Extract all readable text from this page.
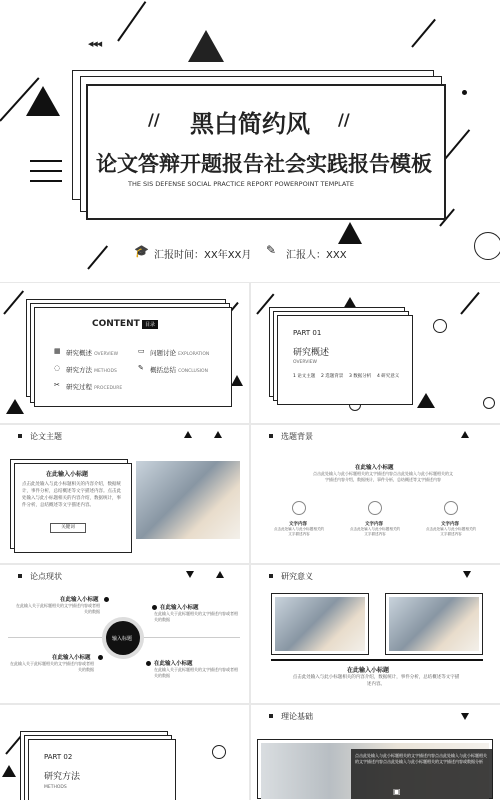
◀◀◀
// 黑白简约风 //
论文答辩开题报告社会实践报告模板
THE SIS DEFENSE SOCIAL PRACTICE REPORT POWERPOINT TEMPLATE
🎓 汇报时间：XX年XX月 ✎ 汇报人：XXX
CONTENT	目录
▦ 研究概述 OVERVIEW	▭ 问题讨论 EXPLORATION
◌ 研究方法 METHODS	✎ 概括总结 CONCLUSION
✂ 研究过程 PROCEDURE
PART 01
研究概述
OVERVIEW
1 论文主题 2 选题背景 3 数据分析 4 研究意义
论文主题
在此输入小标题
点击此处输入与此小标题相关的内容介绍，数据统计，事件分析，总结概述等文字描述内容。点击此处输入与此小标题相关的内容介绍，数据统计，事件分析，总结概述等文字描述内容。
关键词
选题背景
在此输入小标题
点击此处输入与此小标题相关的文字描述内容点击此处输入与此小标题相关的文字描述内容介绍，数据统计，事件分析，总结概述等文字描述内容
文字内容	文字内容	文字内容
点击此处输入与此小标题相关的文字描述内容
点击此处输入与此小标题相关的文字描述内容
点击此处输入与此小标题相关的文字描述内容
论点现状
输入标题
在此输入小标题
在此输入关于此标题相关的文字描述内容或者相关的数据
在此输入小标题
在此输入关于此标题相关的文字描述内容或者相关的数据
在此输入小标题
在此输入关于此标题相关的文字描述内容或者相关的数据
在此输入小标题
在此输入关于此标题相关的文字描述内容或者相关的数据
研究意义
在此输入小标题
点击此处输入与此小标题相关的内容介绍，数据统计，事件分析，总结概述等文字描述内容。
PART 02
研究方法
METHODS
理论基础
点击此处输入与此小标题相关的文字描述内容点击此处输入与此小标题相关的文字描述内容点击此处输入与此小标题相关的文字描述内容或数据分析
▣
